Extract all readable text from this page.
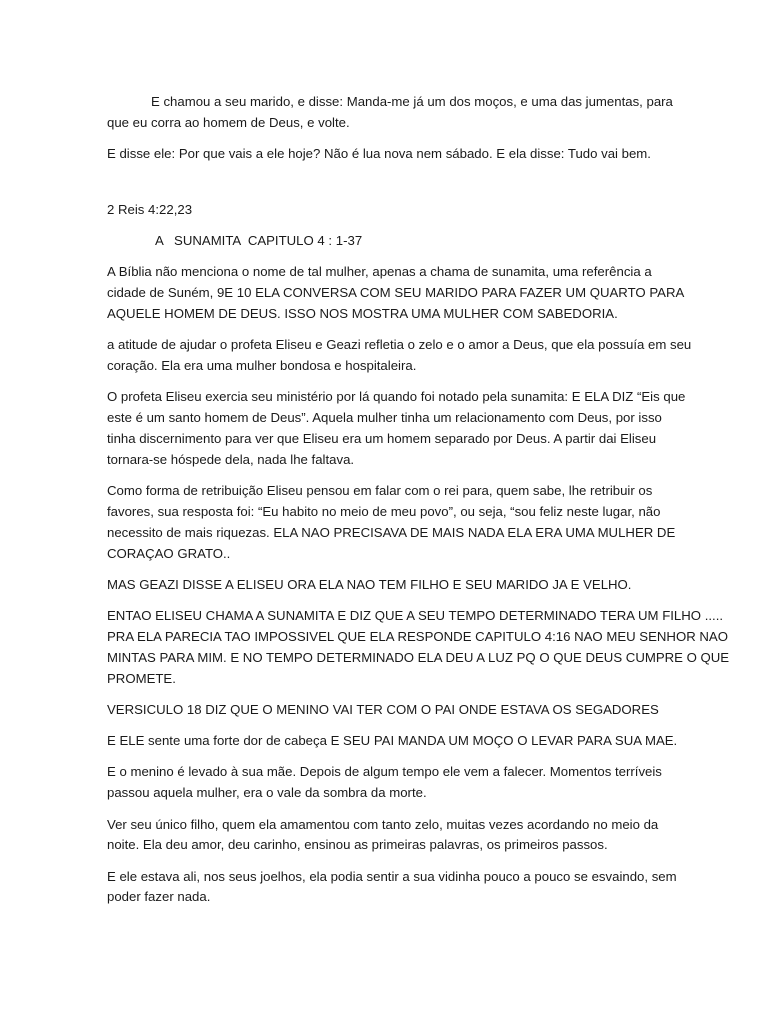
E chamou a seu marido, e disse: Manda-me já um dos moços, e uma das jumentas, para
que eu corra ao homem de Deus, e volte.

E disse ele: Por que vais a ele hoje? Não é lua nova nem sábado. E ela disse: Tudo vai bem.

2 Reis 4:22,23

A   SUNAMITA  CAPITULO 4 : 1-37

A Bíblia não menciona o nome de tal mulher, apenas a chama de sunamita, uma referência a
cidade de Suném, 9E 10 ELA CONVERSA COM SEU MARIDO PARA FAZER UM QUARTO PARA
AQUELE HOMEM DE DEUS. ISSO NOS MOSTRA UMA MULHER COM SABEDORIA.

a atitude de ajudar o profeta Eliseu e Geazi refletia o zelo e o amor a Deus, que ela possuía em seu
coração. Ela era uma mulher bondosa e hospitaleira.

O profeta Eliseu exercia seu ministério por lá quando foi notado pela sunamita: E ELA DIZ “Eis que
este é um santo homem de Deus”. Aquela mulher tinha um relacionamento com Deus, por isso
tinha discernimento para ver que Eliseu era um homem separado por Deus. A partir dai Eliseu
tornara-se hóspede dela, nada lhe faltava.

Como forma de retribuição Eliseu pensou em falar com o rei para, quem sabe, lhe retribuir os
favores, sua resposta foi: “Eu habito no meio de meu povo”, ou seja, “sou feliz neste lugar, não
necessito de mais riquezas. ELA NAO PRECISAVA DE MAIS NADA ELA ERA UMA MULHER DE
CORAÇAO GRATO..

MAS GEAZI DISSE A ELISEU ORA ELA NAO TEM FILHO E SEU MARIDO JA E VELHO.

ENTAO ELISEU CHAMA A SUNAMITA E DIZ QUE A SEU TEMPO DETERMINADO TERA UM FILHO .....
PRA ELA PARECIA TAO IMPOSSIVEL QUE ELA RESPONDE CAPITULO 4:16 NAO MEU SENHOR NAO
MINTAS PARA MIM. E NO TEMPO DETERMINADO ELA DEU A LUZ PQ O QUE DEUS CUMPRE O QUE
PROMETE.

VERSICULO 18 DIZ QUE O MENINO VAI TER COM O PAI ONDE ESTAVA OS SEGADORES

E ELE sente uma forte dor de cabeça E SEU PAI MANDA UM MOÇO O LEVAR PARA SUA MAE.

E o menino é levado à sua mãe. Depois de algum tempo ele vem a falecer. Momentos terríveis
passou aquela mulher, era o vale da sombra da morte.

Ver seu único filho, quem ela amamentou com tanto zelo, muitas vezes acordando no meio da
noite. Ela deu amor, deu carinho, ensinou as primeiras palavras, os primeiros passos.

E ele estava ali, nos seus joelhos, ela podia sentir a sua vidinha pouco a pouco se esvaindo, sem
poder fazer nada.
